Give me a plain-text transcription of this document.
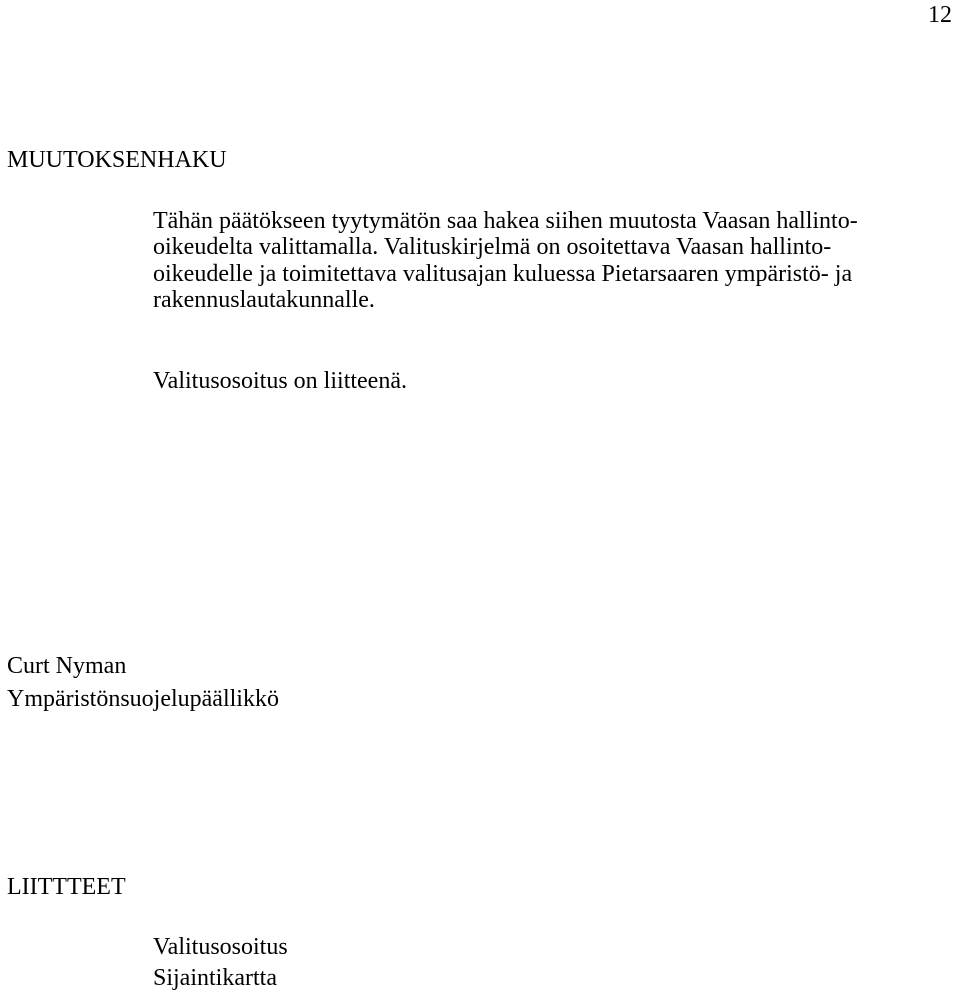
12
MUUTOKSENHAKU

Tähän päätökseen tyytymätön saa hakea siihen muutosta Vaasan hallinto-
oikeudelta valittamalla. Valituskirjelmä on osoitettava Vaasan hallinto-
oikeudelle ja toimitettava valitusajan kuluessa Pietarsaaren ympäristö- ja
rakennuslautakunnalle.

Valitusosoitus on liitteenä.

Curt Nyman
Ympäristönsuojelupäällikkö
LIITTTEET
Valitusosoitus
Sijaintikartta
